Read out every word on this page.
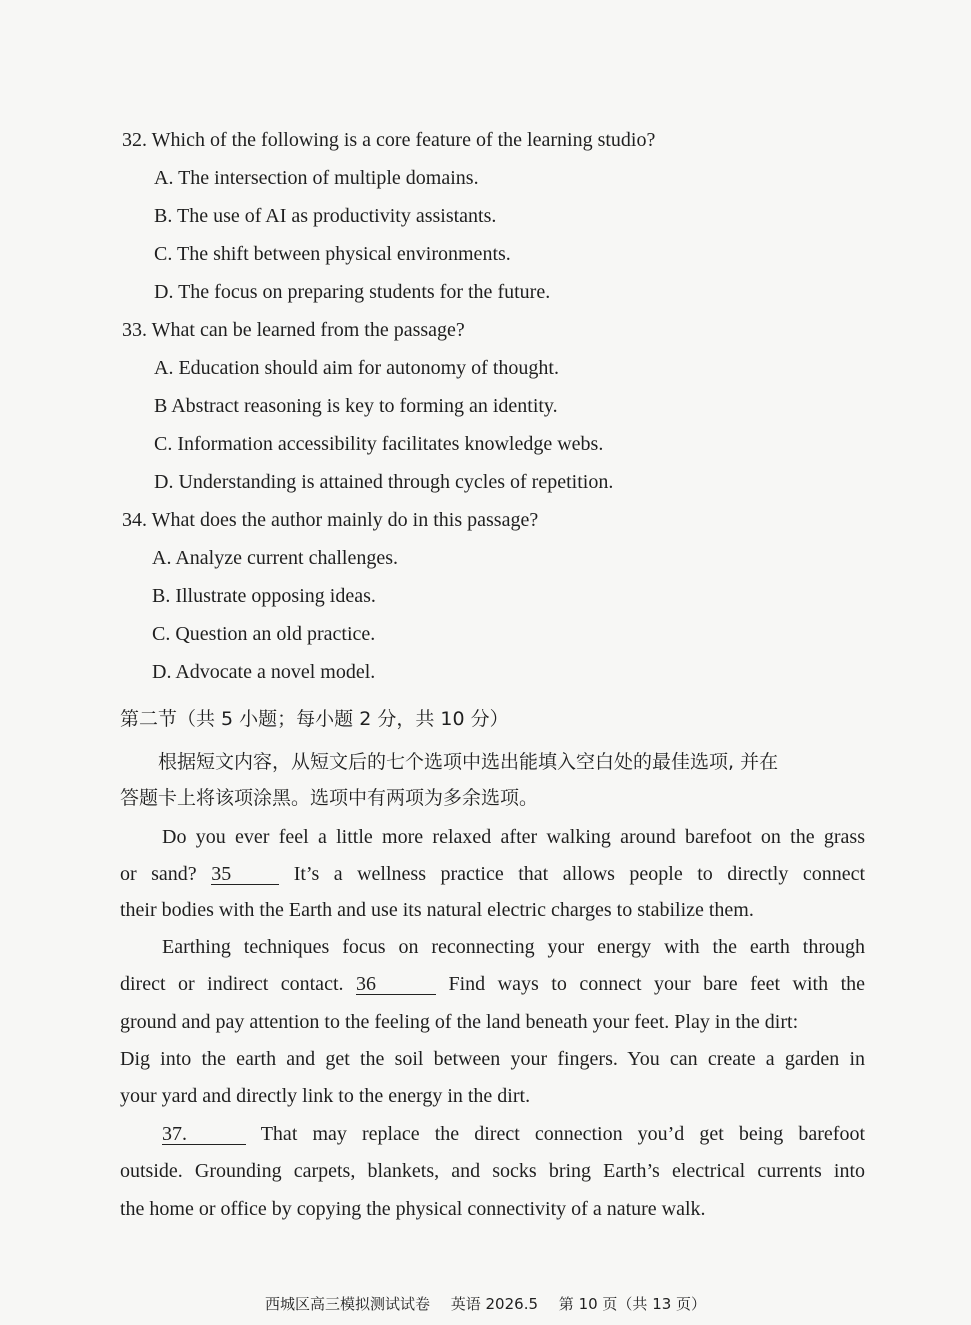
32. Which of the following is a core feature of the learning studio?
A. The intersection of multiple domains.
B. The use of AI as productivity assistants.
C. The shift between physical environments.
D. The focus on preparing students for the future.
33. What can be learned from the passage?
A. Education should aim for autonomy of thought.
B Abstract reasoning is key to forming an identity.
C. Information accessibility facilitates knowledge webs.
D. Understanding is attained through cycles of repetition.
34. What does the author mainly do in this passage?
A. Analyze current challenges.
B. Illustrate opposing ideas.
C. Question an old practice.
D. Advocate a novel model.
第二节（共 5 小题；每小题 2 分，共 10 分）
根据短文内容，从短文后的七个选项中选出能填入空白处的最佳选项, 并在
答题卡上将该项涂黑。选项中有两项为多余选项。
Do you ever feel a little more relaxed after walking around barefoot on the grass
or sand? 35	It’s a wellness practice that allows people to directly connect
their bodies with the Earth and use its natural electric charges to stabilize them.
Earthing techniques focus on reconnecting your energy with the earth through
direct or indirect contact. 36	Find ways to connect your bare feet with the
ground and pay attention to the feeling of the land beneath your feet. Play in the dirt:
Dig into the earth and get the soil between your fingers. You can create a garden in
your yard and directly link to the energy in the dirt.
37.	That may replace the direct connection you’d get being barefoot
outside. Grounding carpets, blankets, and socks bring Earth’s electrical currents into
the home or office by copying the physical connectivity of a nature walk.
西城区高三模拟测试试卷 英语 2026.5 第 10 页（共 13 页）
